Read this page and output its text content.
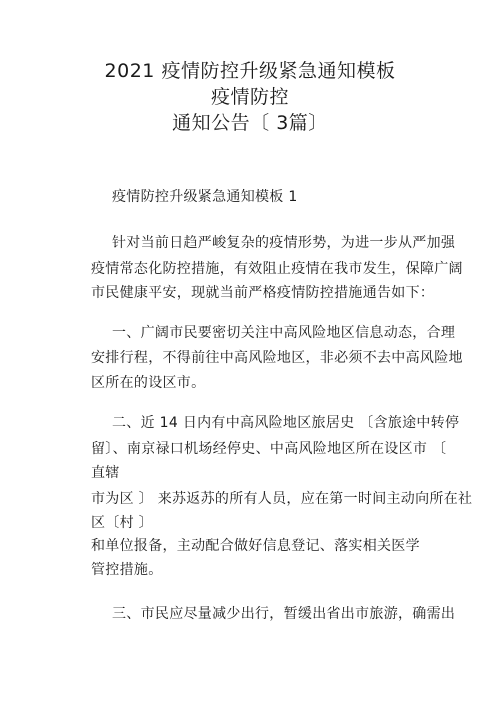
2021 疫情防控升级紧急通知模板
疫情防控
通知公告〔 3篇〕
疫情防控升级紧急通知模板 1
针对当前日趋严峻复杂的疫情形势，为进一步从严加强
疫情常态化防控措施，有效阻止疫情在我市发生，保障广阔
市民健康平安，现就当前严格疫情防控措施通告如下：
一、广阔市民要密切关注中高风险地区信息动态，合理
安排行程，不得前往中高风险地区，非必须不去中高风险地
区所在的设区市。
二、近 14 日内有中高风险地区旅居史 〔含旅途中转停
留〕、南京禄口机场经停史、中高风险地区所在设区市 〔
直辖
市为区 〕 来苏返苏的所有人员，应在第一时间主动向所在社
区〔村 〕
和单位报备，主动配合做好信息登记、落实相关医学
管控措施。
三、市民应尽量减少出行，暂缓出省出市旅游，确需出
